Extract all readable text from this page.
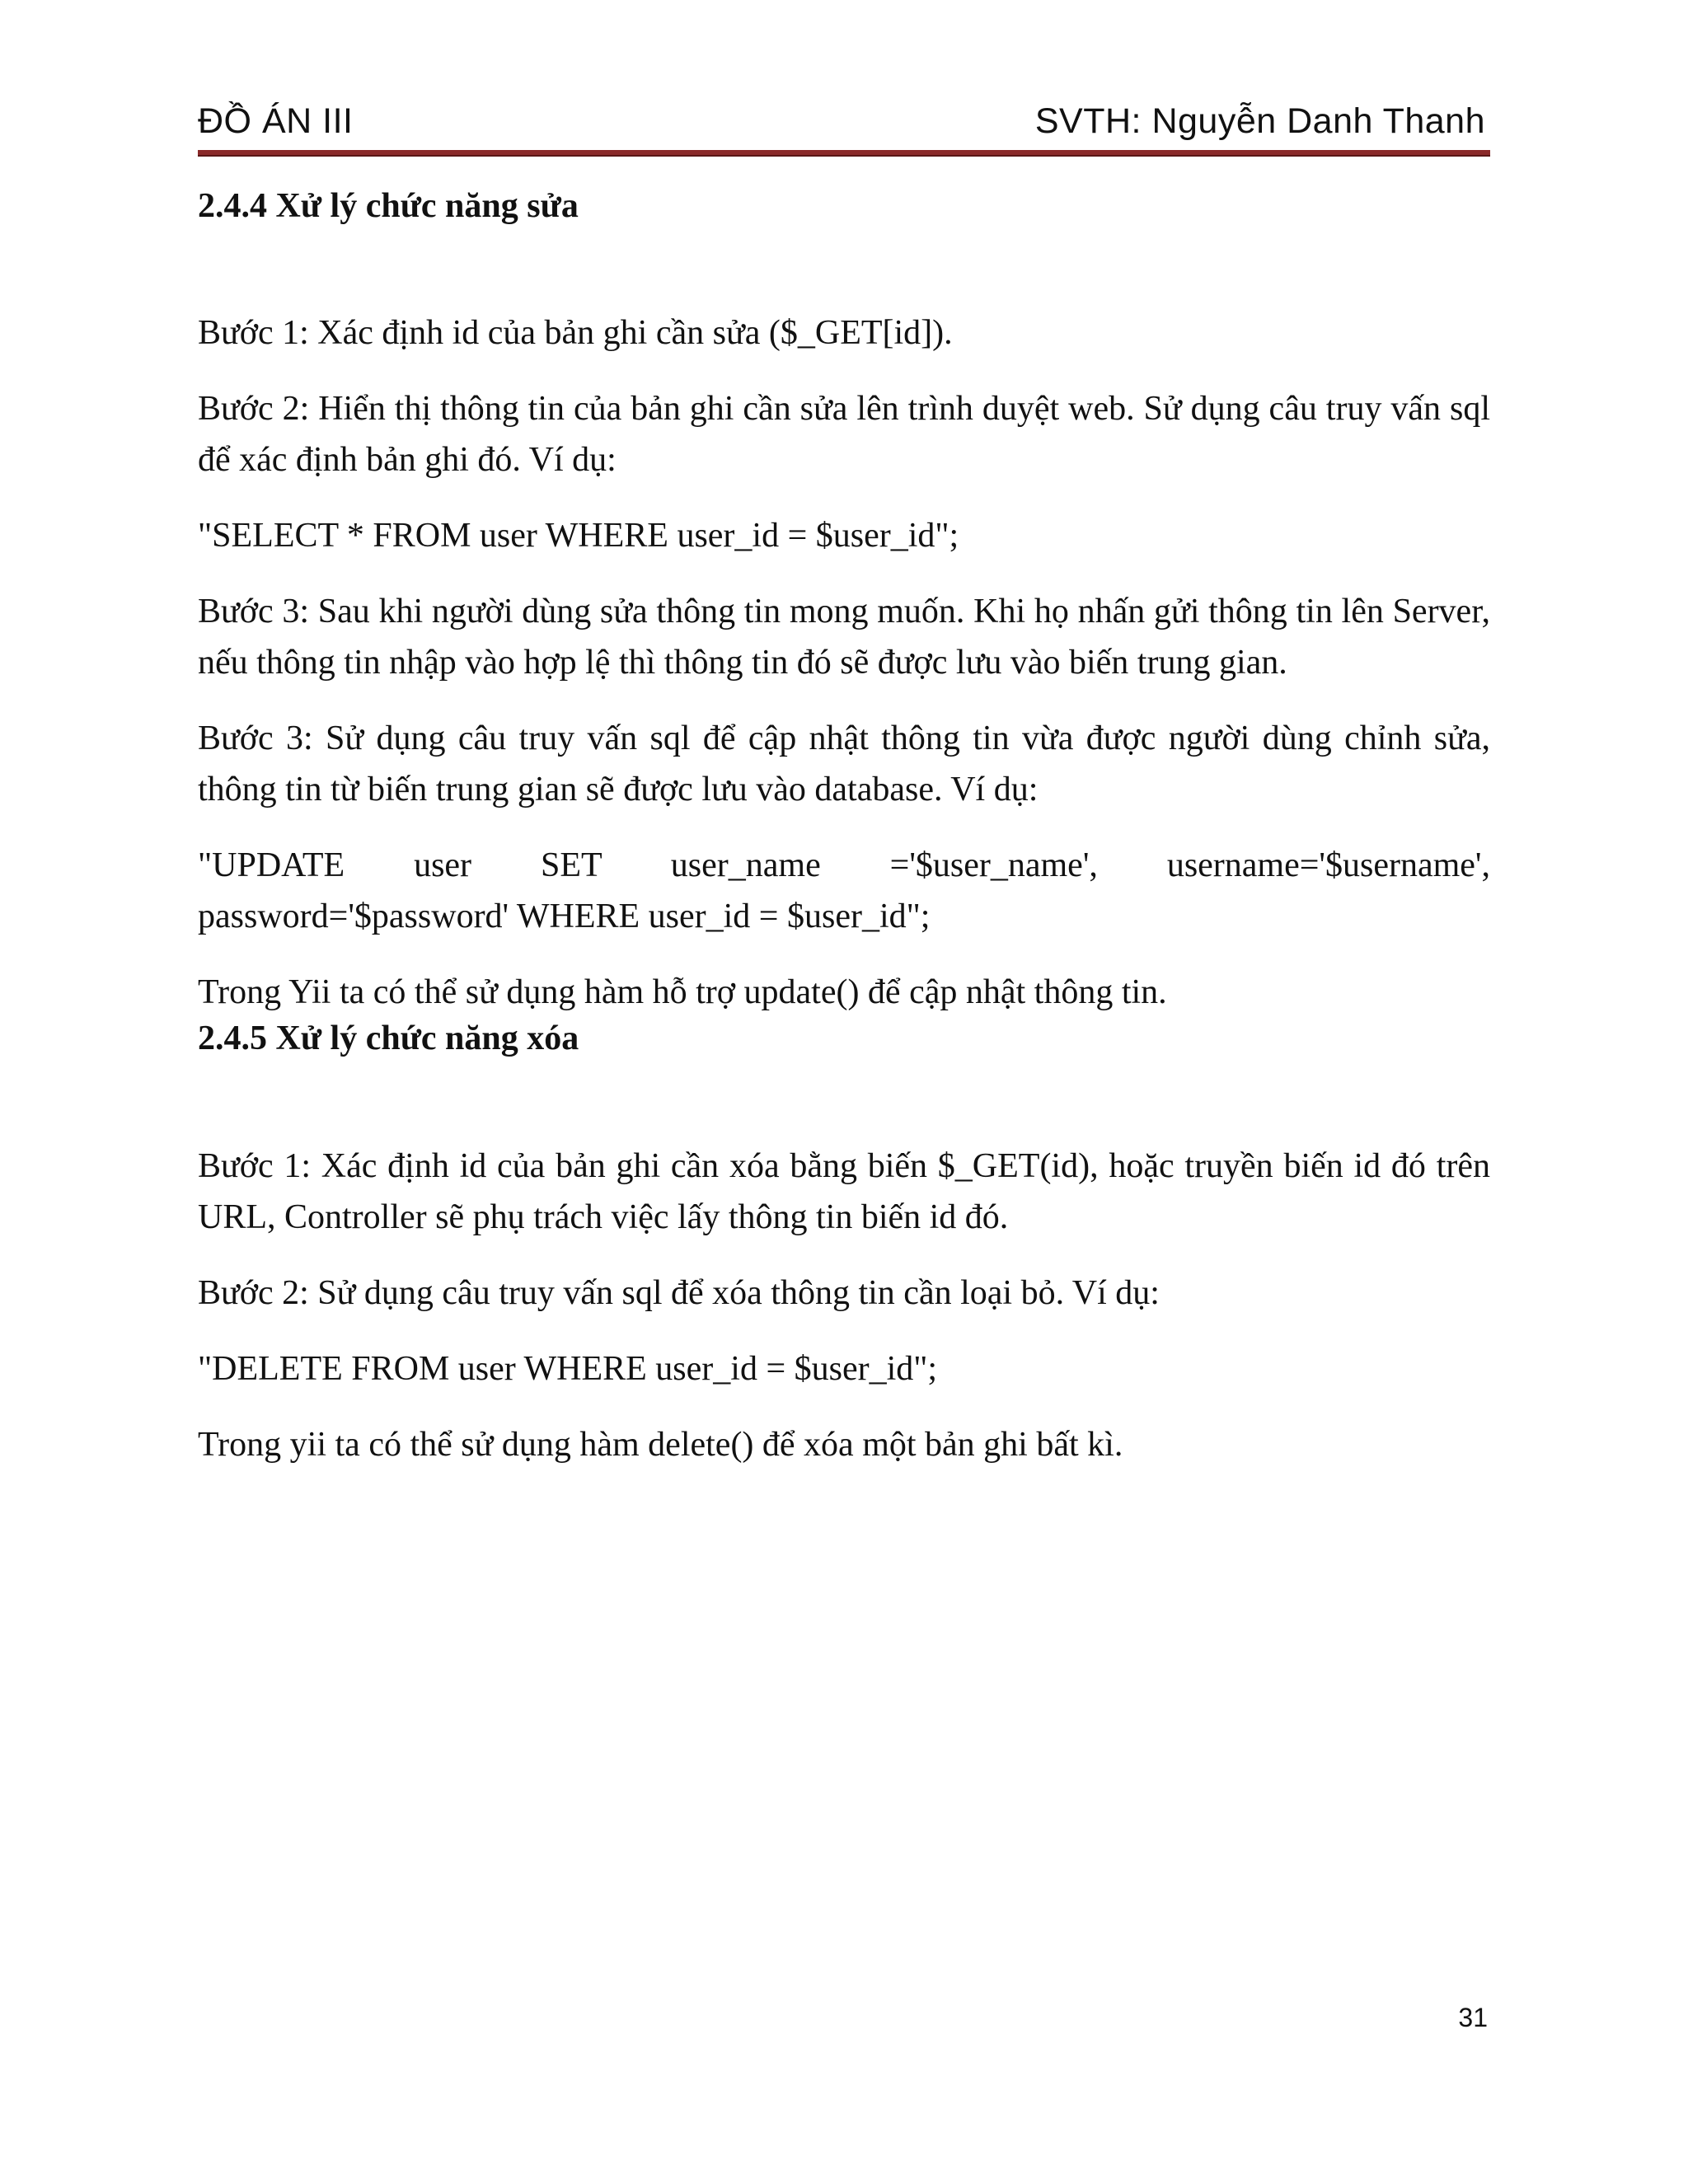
ĐỒ ÁN III	SVTH: Nguyễn Danh Thanh
2.4.4 Xử lý chức năng sửa

Bước 1: Xác định id của bản ghi cần sửa ($_GET[id]).

Bước 2: Hiển thị thông tin của bản ghi cần sửa lên trình duyệt web. Sử dụng câu truy vấn sql để xác định bản ghi đó. Ví dụ:

"SELECT * FROM user WHERE user_id = $user_id";

Bước 3: Sau khi người dùng sửa thông tin mong muốn. Khi họ nhấn gửi thông tin lên Server, nếu thông tin nhập vào hợp lệ thì thông tin đó sẽ được lưu vào biến trung gian.

Bước 3: Sử dụng câu truy vấn sql để cập nhật thông tin vừa được người dùng chỉnh sửa, thông tin từ biến trung gian sẽ được lưu vào database. Ví dụ:

"UPDATE user SET user_name ='$user_name', username='$username', password='$password' WHERE user_id = $user_id";

Trong Yii ta có thể sử dụng hàm hỗ trợ update() để cập nhật thông tin.

2.4.5 Xử lý chức năng xóa

Bước 1: Xác định id của bản ghi cần xóa bằng biến $_GET(id), hoặc truyền biến id đó trên URL, Controller sẽ phụ trách việc lấy thông tin biến id đó.

Bước 2: Sử dụng câu truy vấn sql để xóa thông tin cần loại bỏ. Ví dụ:

"DELETE FROM user WHERE user_id = $user_id";

Trong yii ta có thể sử dụng hàm delete() để xóa một bản ghi bất kì.

31
